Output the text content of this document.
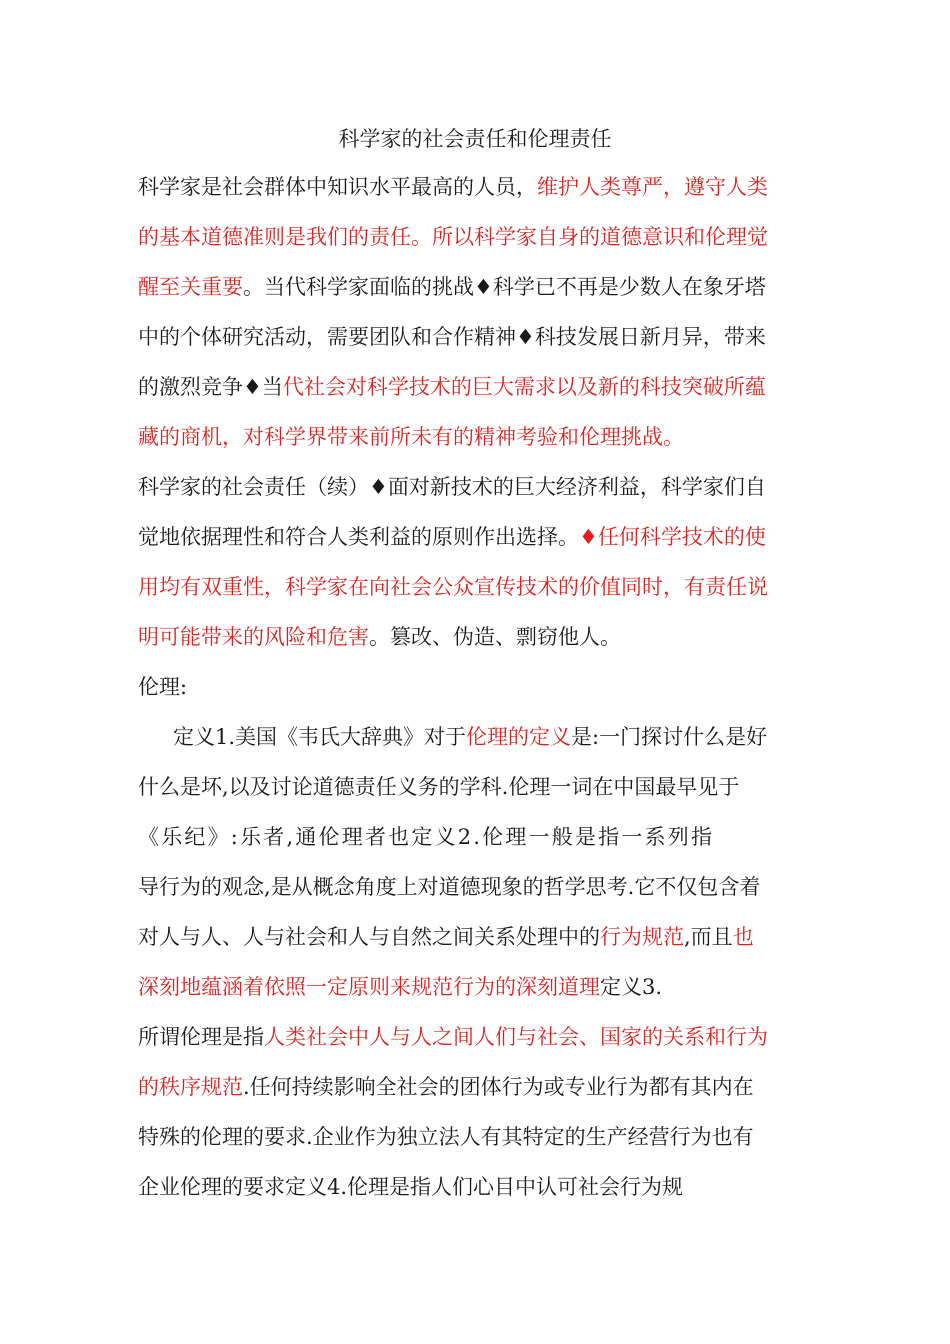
科学家的社会责任和伦理责任
科学家是社会群体中知识水平最高的人员，维护人类尊严，遵守人类
的基本道德准则是我们的责任。所以科学家自身的道德意识和伦理觉
醒至关重要。当代科学家面临的挑战♦科学已不再是少数人在象牙塔
中的个体研究活动，需要团队和合作精神♦科技发展日新月异，带来
的激烈竞争♦当代社会对科学技术的巨大需求以及新的科技突破所蕴
藏的商机，对科学界带来前所未有的精神考验和伦理挑战。
科学家的社会责任（续）♦面对新技术的巨大经济利益，科学家们自
觉地依据理性和符合人类利益的原则作出选择。♦任何科学技术的使
用均有双重性，科学家在向社会公众宣传技术的价值同时，有责任说
明可能带来的风险和危害。篡改、伪造、剽窃他人。
伦理:
定义1.美国《韦氏大辞典》对于伦理的定义是:一门探讨什么是好
什么是坏,以及讨论道德责任义务的学科.伦理一词在中国最早见于
《乐纪》:乐者,通伦理者也定义2.伦理一般是指一系列指
导行为的观念,是从概念角度上对道德现象的哲学思考.它不仅包含着
对人与人、人与社会和人与自然之间关系处理中的行为规范,而且也
深刻地蕴涵着依照一定原则来规范行为的深刻道理定义3.
所谓伦理是指人类社会中人与人之间人们与社会、国家的关系和行为
的秩序规范.任何持续影响全社会的团体行为或专业行为都有其内在
特殊的伦理的要求.企业作为独立法人有其特定的生产经营行为也有
企业伦理的要求定义4.伦理是指人们心目中认可社会行为规
